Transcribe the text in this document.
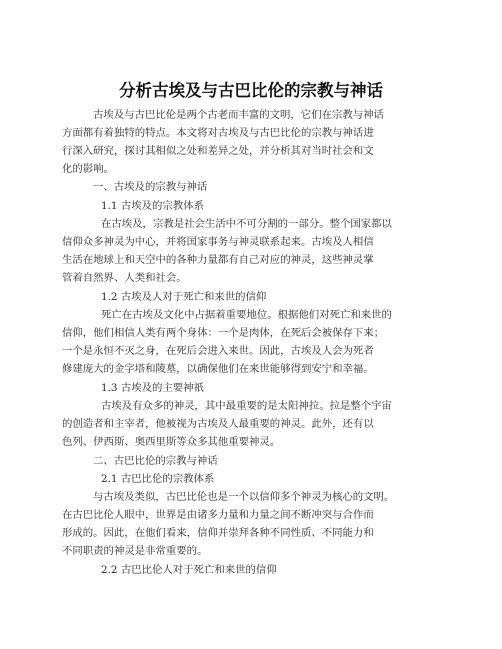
分析古埃及与古巴比伦的宗教与神话
古埃及与古巴比伦是两个古老而丰富的文明，它们在宗教与神话
方面都有着独特的特点。本文将对古埃及与古巴比伦的宗教与神话进
行深入研究，探讨其相似之处和差异之处，并分析其对当时社会和文
化的影响。
一、古埃及的宗教与神话
1.1 古埃及的宗教体系
在古埃及，宗教是社会生活中不可分割的一部分。整个国家都以
信仰众多神灵为中心，并将国家事务与神灵联系起来。古埃及人相信
生活在地球上和天空中的各种力量都有自己对应的神灵，这些神灵掌
管着自然界、人类和社会。
1.2 古埃及人对于死亡和来世的信仰
死亡在古埃及文化中占据着重要地位。根据他们对死亡和来世的
信仰，他们相信人类有两个身体：一个是肉体，在死后会被保存下来；
一个是永恒不灭之身，在死后会进入来世。因此，古埃及人会为死者
修建庞大的金字塔和陵墓，以确保他们在来世能够得到安宁和幸福。
1.3 古埃及的主要神祇
古埃及有众多的神灵，其中最重要的是太阳神拉。拉是整个宇宙
的创造者和主宰者，他被视为古埃及人最重要的神灵。此外，还有以
色列、伊西斯、奥西里斯等众多其他重要神灵。
二、古巴比伦的宗教与神话
2.1 古巴比伦的宗教体系
与古埃及类似，古巴比伦也是一个以信仰多个神灵为核心的文明。
在古巴比伦人眼中，世界是由诸多力量和力量之间不断冲突与合作而
形成的。因此，在他们看来，信仰并崇拜各种不同性质、不同能力和
不同职责的神灵是非常重要的。
2.2 古巴比伦人对于死亡和来世的信仰
